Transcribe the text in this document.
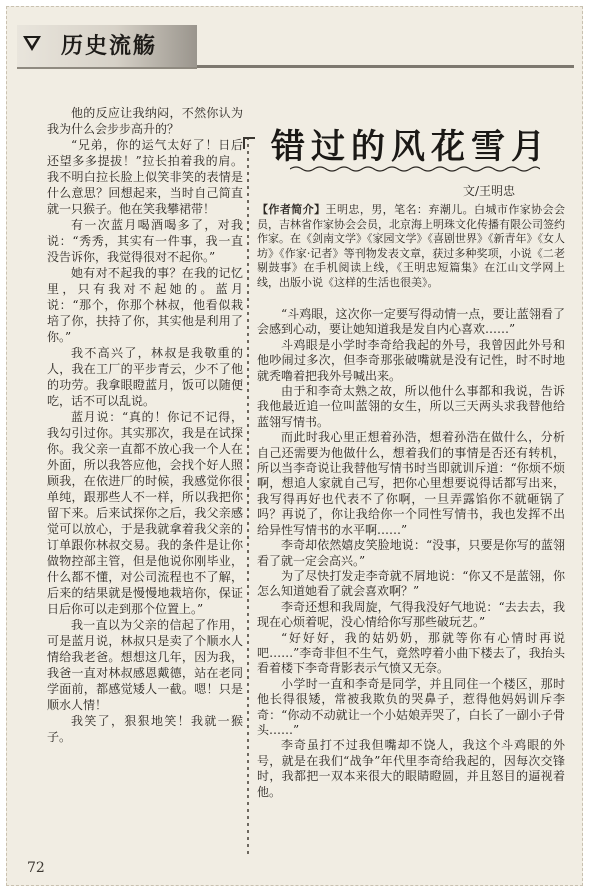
历史流觞
错过的风花雪月
文/王明忠
【作者简介】王明忠，男，笔名：弃潮儿。白城市作家协会会员，吉林省作家协会会员，北京海上明珠文化传播有限公司签约作家。在《剑南文学》《家园文学》《喜剧世界》《新青年》《女人坊》《作家·记者》等刊物发表文章，获过多种奖项，小说《二老剔鼓事》在手机阅读上线，《王明忠短篇集》在江山文学网上线，出版小说《这样的生活也很美》。

他的反应让我纳闷，不然你认为我为什么会步步高升的？

“兄弟，你的运气太好了！日后还望多多提拔！”拉长拍着我的肩。我不明白拉长脸上似笑非笑的表情是什么意思？回想起来，当时自己简直就一只猴子。他在笑我攀裙带！

有一次蓝月喝酒喝多了，对我说：“秀秀，其实有一件事，我一直没告诉你，我觉得很对不起你。”

她有对不起我的事？在我的记忆里，只有我对不起她的。蓝月说：“那个，你那个林叔，他看似栽培了你，扶持了你，其实他是利用了你。”

我不高兴了，林叔是我敬重的人，我在工厂的平步青云，少不了他的功劳。我拿眼瞪蓝月，饭可以随便吃，话不可以乱说。

蓝月说：“真的！你记不记得，我勾引过你。其实那次，我是在试探你。我父亲一直都不放心我一个人在外面，所以我答应他，会找个好人照顾我，在依进厂的时候，我感觉你很单纯，跟那些人不一样，所以我把你留下来。后来试探你之后，我父亲感觉可以放心，于是我就拿着我父亲的订单跟你林叔交易。我的条件是让你做物控部主管，但是他说你刚毕业，什么都不懂，对公司流程也不了解，后来的结果就是慢慢地栽培你，保证日后你可以走到那个位置上。”

我一直以为父亲的信起了作用，可是蓝月说，林叔只是卖了个顺水人情给我老爸。想想这几年，因为我，我爸一直对林叔感恩戴德，站在老同学面前，都感觉矮人一截。嗯！只是顺水人情！

我笑了，狠狠地笑！我就一猴子。

“斗鸡眼，这次你一定要写得动情一点，要让蓝翎看了会感到心动，要让她知道我是发自内心喜欢……”

斗鸡眼是小学时李奇给我起的外号，我曾因此外号和他吵闹过多次，但李奇那张破嘴就是没有记性，时不时地就秃噜着把我外号喊出来。

由于和李奇太熟之故，所以他什么事都和我说，告诉我他最近追一位叫蓝翎的女生，所以三天两头求我替他给蓝翎写情书。

而此时我心里正想着孙浩，想着孙浩在做什么，分析自己还需要为他做什么，想着我们的事情是否还有转机，所以当李奇说让我替他写情书时当即就训斥道：“你烦不烦啊，想追人家就自己写，把你心里想要说得话都写出来，我写得再好也代表不了你啊，一旦弄露馅你不就砸锅了吗？再说了，你让我给你一个同性写情书，我也发挥不出给异性写情书的水平啊……”

李奇却依然嬉皮笑脸地说：“没事，只要是你写的蓝翎看了就一定会高兴。”

为了尽快打发走李奇就不屑地说：“你又不是蓝翎，你怎么知道她看了就会喜欢啊？”

李奇还想和我周旋，气得我没好气地说：“去去去，我现在心烦着呢，没心情给你写那些破玩艺。”

“好好好，我的姑奶奶，那就等你有心情时再说吧……”李奇非但不生气，竟然哼着小曲下楼去了，我抬头看着楼下李奇背影表示气愤又无奈。

小学时一直和李奇是同学，并且同住一个楼区，那时他长得很矮，常被我欺负的哭鼻子，惹得他妈妈训斥李奇：“你动不动就让一个小姑娘弄哭了，白长了一副小子骨头……”

李奇虽打不过我但嘴却不饶人，我这个斗鸡眼的外号，就是在我们“战争”年代里李奇给我起的，因每次交锋时，我都把一双本来很大的眼睛瞪圆，并且怒目的逼视着他。

72
